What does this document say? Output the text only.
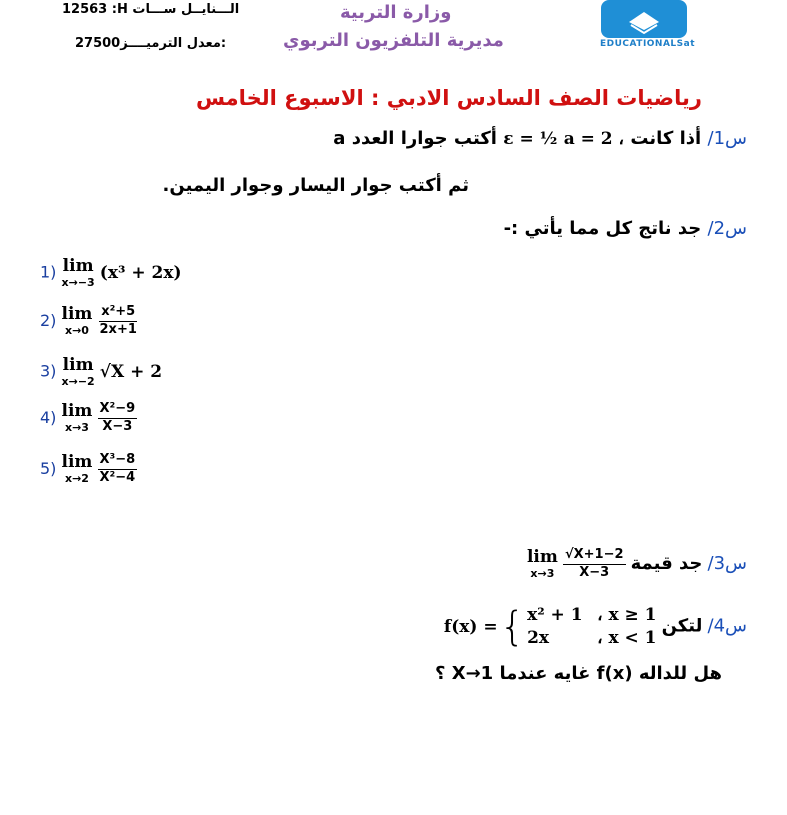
12563 :H الـــنايــل ســـات
27500معدل الترميــــز:
وزارة التربية
مديرية التلفزيون التربوي	EDUCATIONALSat
رياضيات الصف السادس الادبي : الاسبوع الخامس
س1/ أذا كانت ε = ½ a = 2 ، أكتب جوارا العدد a
ثم أكتب جوار اليسار وجوار اليمين.
س2/ جد ناتج كل مما يأتي :-
1) lim
x→−3 (x³ + 2x)
2) lim
x→0
$\frac{\text{x²+5}}{2x+1}$
3) lim
x→−2 √X + 2
4) lim
x→3
$\frac{\text{X²−9}}{X-3}$
5) lim
x→2
$\frac{\text{X³−8}}{\text{X²−4}}$
س3/ جد قيمة
lim
x→3
$\frac{√X+1-2}{X-3}$
س4/ لتكن
f(x) = { x² + 1 ، x ≥ 1
2x	، x < 1
هل للداله f(x) غايه عندما X→1 ؟
